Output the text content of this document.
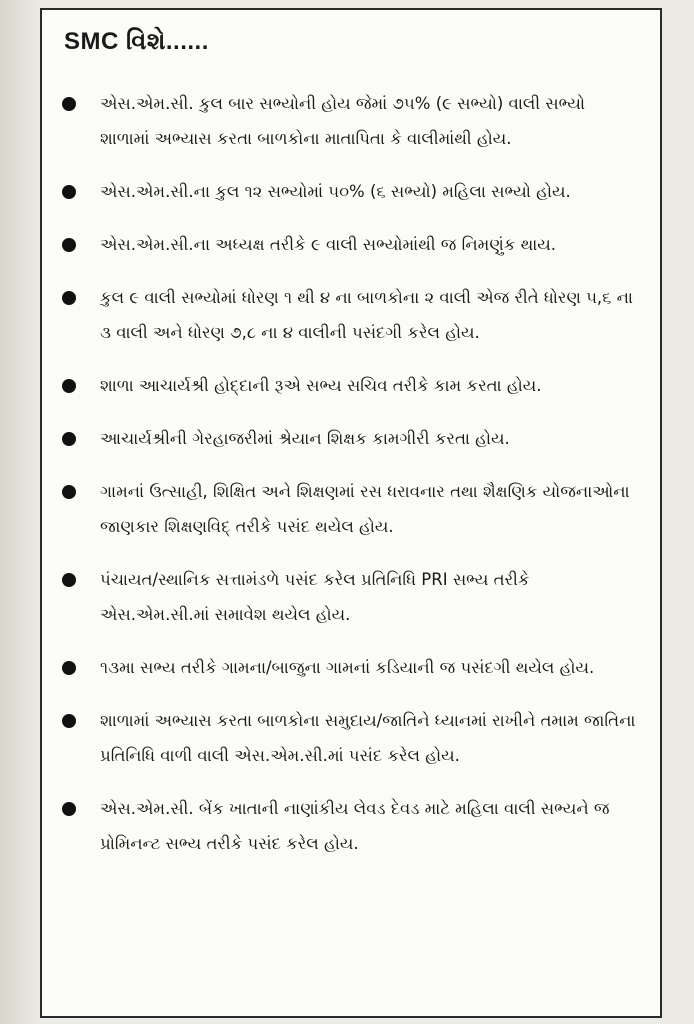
SMC વિશે......
એસ.એમ.સી. કુલ બાર સભ્યોની હોય જેમાં ૭૫% (૯ સભ્યો) વાલી સભ્યો શાળામાં અભ્યાસ કરતા બાળકોના માતાપિતા કે વાલીમાંથી હોય.
એસ.એમ.સી.ના કુલ ૧૨ સભ્યોમાં ૫૦% (૬ સભ્યો) મહિલા સભ્યો હોય.
એસ.એમ.સી.ના અધ્યક્ષ તરીકે ૯ વાલી સભ્યોમાંથી જ નિમણુંક થાય.
કુલ ૯ વાલી સભ્યોમાં ધોરણ ૧ થી ૪ ના બાળકોના ૨ વાલી એજ રીતે ધોરણ ૫,૬ ના ૩ વાલી અને ધોરણ ૭,૮ ના ૪ વાલીની પસંદગી કરેલ હોય.
શાળા આચાર્યશ્રી હોદ્દાની રૂએ સભ્ય સચિવ તરીકે કામ કરતા હોય.
આચાર્યશ્રીની ગેરહાજરીમાં શ્રેયાન શિક્ષક કામગીરી કરતા હોય.
ગામનાં ઉત્સાહી, શિક્ષિત અને શિક્ષણમાં રસ ધરાવનાર તથા શૈક્ષણિક યોજનાઓના જાણકાર શિક્ષણવિદ્ તરીકે પસંદ થયેલ હોય.
પંચાયત/સ્થાનિક સત્તામંડળે પસંદ કરેલ પ્રતિનિધિ PRI સભ્ય તરીકે એસ.એમ.સી.માં સમાવેશ થયેલ હોય.
૧૩મા સભ્ય તરીકે ગામના/બાજુના ગામનાં કડિયાની જ પસંદગી થયેલ હોય.
શાળામાં અભ્યાસ કરતા બાળકોના સમુદાય/જાતિને ધ્યાનમાં રાખીને તમામ જાતિના પ્રતિનિધિ વાળી વાલી એસ.એમ.સી.માં પસંદ કરેલ હોય.
એસ.એમ.સી. બેંક ખાતાની નાણાંકીય લેવડ દેવડ માટે મહિલા વાલી સભ્યને જ પ્રોમિનન્ટ સભ્ય તરીકે પસંદ કરેલ હોય.
